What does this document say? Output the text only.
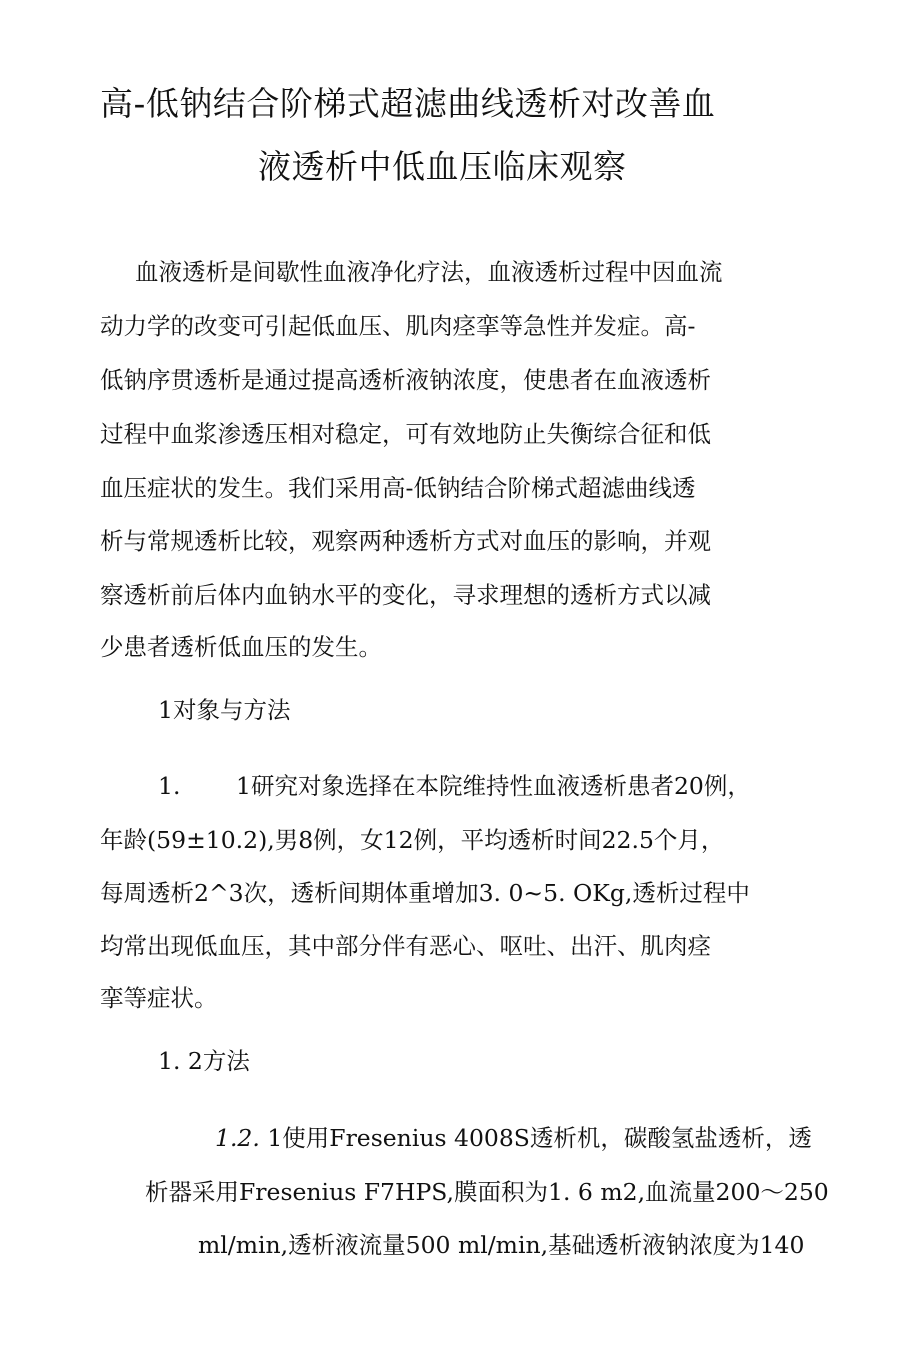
高-低钠结合阶梯式超滤曲线透析对改善血
液透析中低血压临床观察
血液透析是间歇性血液净化疗法，血液透析过程中因血流
动力学的改变可引起低血压、肌肉痉挛等急性并发症。高-
低钠序贯透析是通过提高透析液钠浓度，使患者在血液透析
过程中血浆渗透压相对稳定，可有效地防止失衡综合征和低
血压症状的发生。我们采用高-低钠结合阶梯式超滤曲线透
析与常规透析比较，观察两种透析方式对血压的影响，并观
察透析前后体内血钠水平的变化，寻求理想的透析方式以减
少患者透析低血压的发生。
1对象与方法
1. 1研究对象选择在本院维持性血液透析患者20例，
年龄(59±10.2),男8例，女12例，平均透析时间22.5个月，
每周透析2^3次，透析间期体重增加3. 0~5. OKg,透析过程中
均常出现低血压，其中部分伴有恶心、呕吐、出汗、肌肉痉
挛等症状。
1. 2方法
1.2. 1使用Fresenius 4008S透析机，碳酸氢盐透析，透
析器采用Fresenius F7HPS,膜面积为1. 6 m2,血流量200～250
ml/min,透析液流量500 ml/min,基础透析液钠浓度为140
